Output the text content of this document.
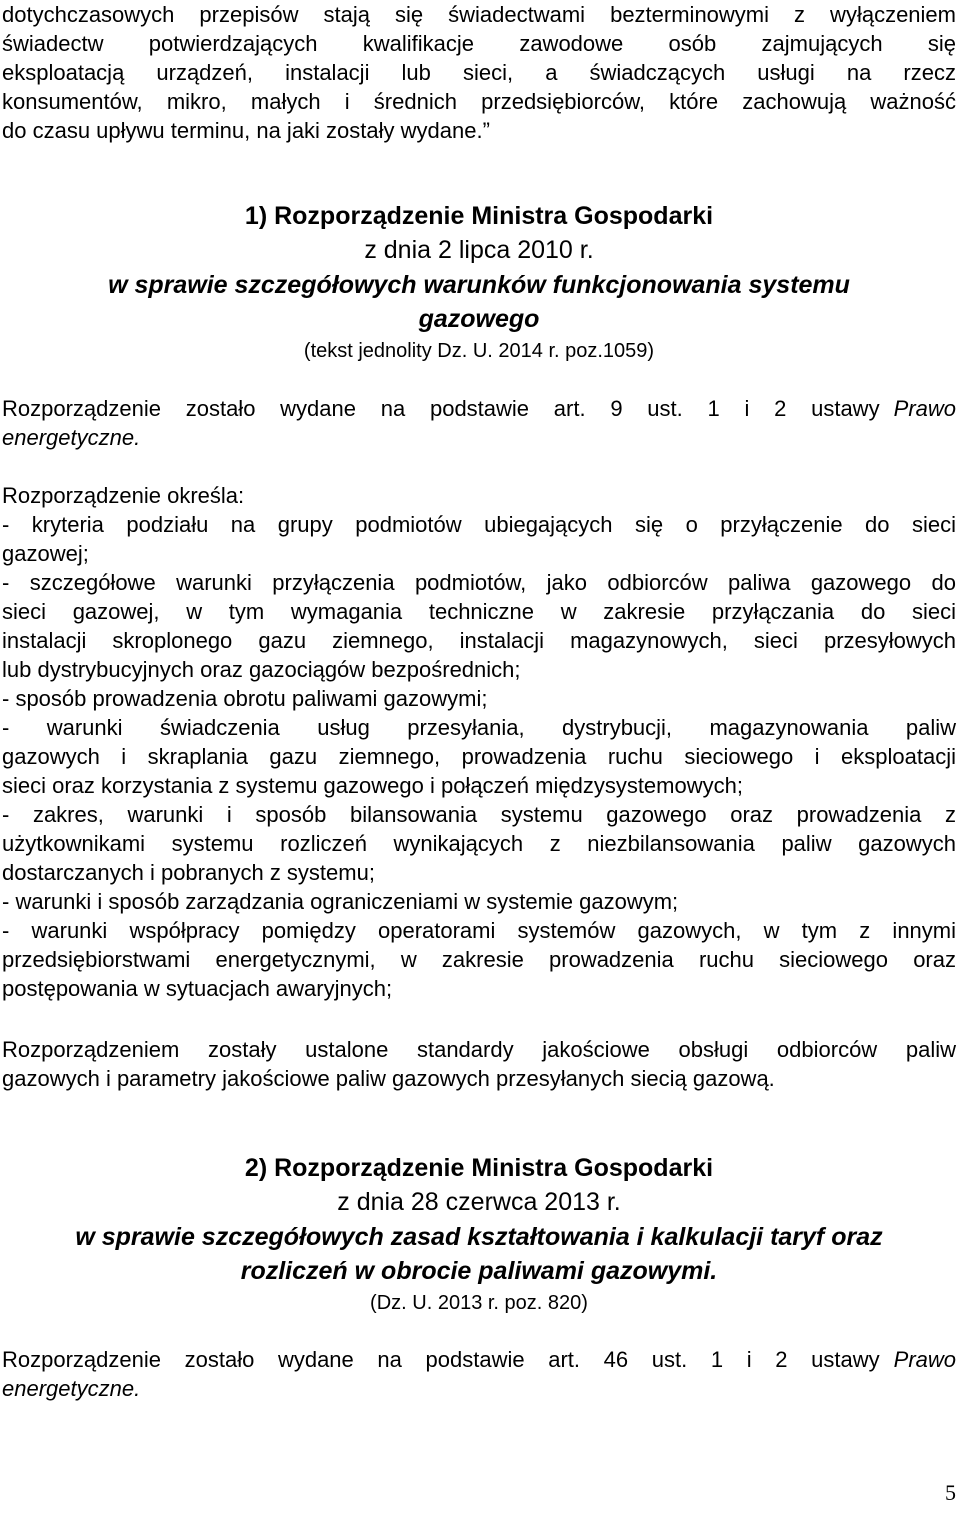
dotychczasowych przepisów stają się świadectwami bezterminowymi z wyłączeniem
świadectw potwierdzających kwalifikacje zawodowe osób zajmujących się
eksploatacją urządzeń, instalacji lub sieci, a świadczących usługi na rzecz
konsumentów, mikro, małych i średnich przedsiębiorców, które zachowują ważność
do czasu upływu terminu, na jaki zostały wydane.”
1) Rozporządzenie Ministra Gospodarki
z dnia 2 lipca 2010 r.
w sprawie szczegółowych warunków funkcjonowania systemu
gazowego
(tekst jednolity Dz. U. 2014 r. poz.1059)
Rozporządzenie zostało wydane na podstawie art. 9 ust. 1 i 2 ustawy Prawo
energetyczne.
Rozporządzenie określa:
- kryteria podziału na grupy podmiotów ubiegających się o przyłączenie do sieci
gazowej;
- szczegółowe warunki przyłączenia podmiotów, jako odbiorców paliwa gazowego do
sieci gazowej, w tym wymagania techniczne w zakresie przyłączania do sieci
instalacji skroplonego gazu ziemnego, instalacji magazynowych, sieci przesyłowych
lub dystrybucyjnych oraz gazociągów bezpośrednich;
- sposób prowadzenia obrotu paliwami gazowymi;
- warunki świadczenia usług przesyłania, dystrybucji, magazynowania paliw
gazowych i skraplania gazu ziemnego, prowadzenia ruchu sieciowego i eksploatacji
sieci oraz korzystania z systemu gazowego i połączeń międzysystemowych;
- zakres, warunki i sposób bilansowania systemu gazowego oraz prowadzenia z
użytkownikami systemu rozliczeń wynikających z niezbilansowania paliw gazowych
dostarczanych i pobranych z systemu;
- warunki i sposób zarządzania ograniczeniami w systemie gazowym;
- warunki współpracy pomiędzy operatorami systemów gazowych, w tym z innymi
przedsiębiorstwami energetycznymi, w zakresie prowadzenia ruchu sieciowego oraz
postępowania w sytuacjach awaryjnych;
Rozporządzeniem zostały ustalone standardy jakościowe obsługi odbiorców paliw
gazowych i parametry jakościowe paliw gazowych przesyłanych siecią gazową.
2) Rozporządzenie Ministra Gospodarki
z dnia 28 czerwca 2013 r.
w sprawie szczegółowych zasad kształtowania i kalkulacji taryf oraz
rozliczeń w obrocie paliwami gazowymi.
(Dz. U. 2013 r. poz. 820)
Rozporządzenie zostało wydane na podstawie art. 46 ust. 1 i 2 ustawy Prawo
energetyczne.
5
